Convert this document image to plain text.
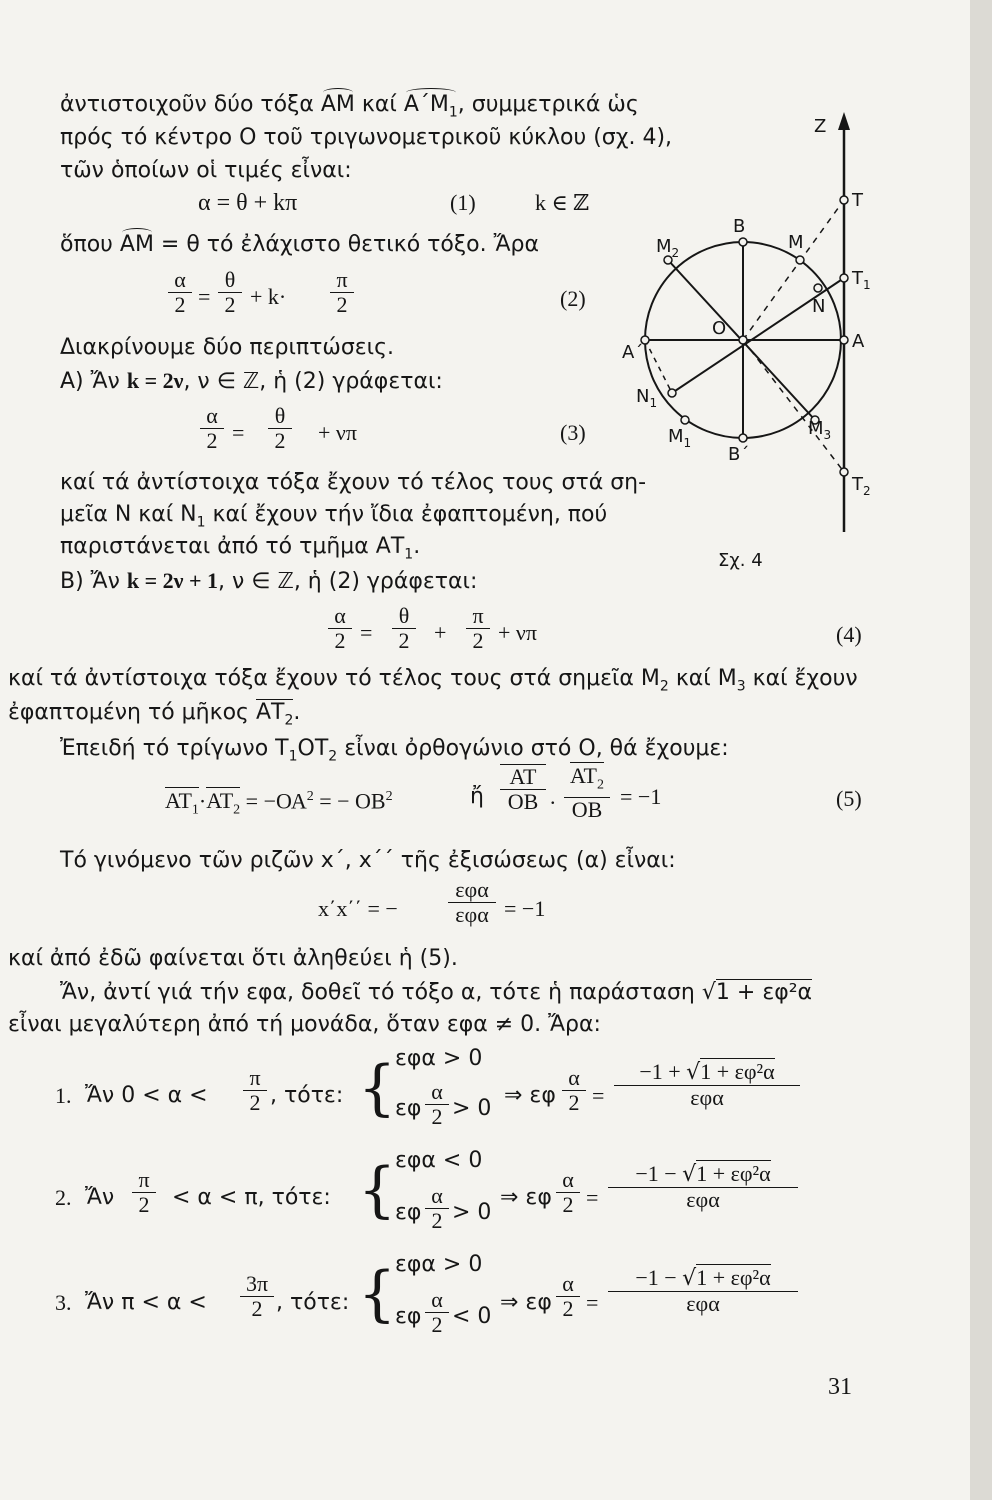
ἀντιστοιχοῦν δύο τόξα
AM καί
$A΄M_1$, συμμετρικά ὡς
πρός τό κέντρο Ο τοῦ τριγωνομετρικοῦ κύκλου (σχ. 4),
τῶν ὁποίων οἱ τιμές εἶναι:
α = θ + kπ	(1)	k ∈ ℤ
ὅπου
AM = θ τό ἐλάχιστο θετικό τόξο. Ἄρα
$\frac{\alpha}{2} = \frac{\theta}{2} + k\cdot \frac{\pi}{2}$	(2)
Διακρίνουμε δύο περιπτώσεις.
A) Ἄν k = 2ν, ν ∈ ℤ, ἡ (2) γράφεται:
$\frac{\alpha}{2} = \frac{\theta}{2} + \nu\pi$	(3)
καί τά ἀντίστοιχα τόξα ἔχουν τό τέλος τους στά ση-
μεῖα Ν καί $N_1$ καί ἔχουν τήν ἴδια ἐφαπτομένη, πού
παριστάνεται ἀπό τό τμῆμα $AT_1$.
B) Ἄν k = 2ν + 1, ν ∈ ℤ, ἡ (2) γράφεται:
$\frac{\alpha}{2} = \frac{\theta}{2} + \frac{\pi}{2} + \nu\pi$	(4)
καί τά ἀντίστοιχα τόξα ἔχουν τό τέλος τους στά σημεῖα $M_2$ καί $M_3$ καί ἔχουν
ἐφαπτομένη τό μῆκος $AT_2$.
Ἐπειδή τό τρίγωνο $T_1OT_2$ εἶναι ὀρθογώνιο στό Ο, θά ἔχουμε:
$AT_1\cdot AT_2 = -OA^2$ = − $OB^2$	ἤ $\frac{AT}{OB}$ . $\frac{AT_2}{OB} = -1$	(5)
Τό γινόμενο τῶν ριζῶν x΄, x΄΄ τῆς ἐξισώσεως (α) εἶναι:
x΄x΄΄ = −
εφα
εφα = −1
καί ἀπό ἐδῶ φαίνεται ὅτι ἀληθεύει ἡ (5).
Ἄν, ἀντί γιά τήν εφα, δοθεῖ τό τόξο α, τότε ἡ παράσταση √1 + εφ²α
εἶναι μεγαλύτερη ἀπό τή μονάδα, ὅταν εφα ≠ 0. Ἄρα:
1. Ἄν $0 < \alpha < \frac{\pi}{2}$ , τότε: {
εφα > 0
εφ $\frac{\alpha}{2} > 0$
⇒ εφ $\frac{\alpha}{2}$ =
−1 + √1 + εφ²α
εφα
2. Ἄν $\frac{\pi}{2} < \alpha < \pi$, τότε: {
εφα < 0
εφ $\frac{\alpha}{2} > 0$
⇒ εφ $\frac{\alpha}{2}$ =
−1 − √1 + εφ²α
εφα
3. Ἄν $\pi < \alpha < \frac{3\pi}{2}$ , τότε: {
εφα > 0
εφ $\frac{\alpha}{2} < 0$
⇒ εφ $\frac{\alpha}{2}$ =
−1 − √1 + εφ²α
εφα
31
Z
T
$T_1$
A
$T_2$
A΄
B
B΄
O
M
$M_2$
$M_3$
$M_1$
N
$N_1$
Σχ. 4
